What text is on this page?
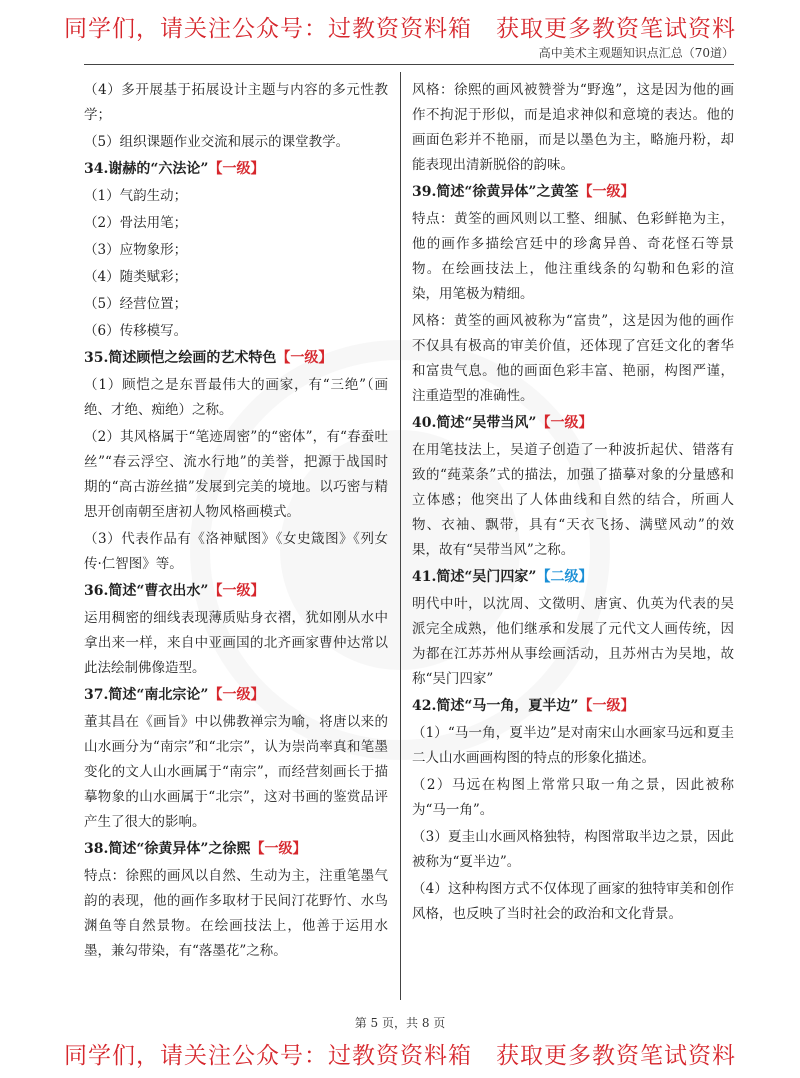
同学们，请关注公众号：过教资资料箱　获取更多教资笔试资料
高中美术主观题知识点汇总（70道）

（4）多开展基于拓展设计主题与内容的多元性教学；

（5）组织课题作业交流和展示的课堂教学。

34.谢赫的“六法论”【一级】

（1）气韵生动；

（2）骨法用笔；

（3）应物象形；

（4）随类赋彩；

（5）经营位置；

（6）传移模写。

35.简述顾恺之绘画的艺术特色【一级】

（1）顾恺之是东晋最伟大的画家，有“三绝”（画绝、才绝、痴绝）之称。

（2）其风格属于“笔迹周密”的“密体”，有“春蚕吐丝”“春云浮空、流水行地”的美誉，把源于战国时期的“高古游丝描”发展到完美的境地。以巧密与精思开创南朝至唐初人物风格画模式。

（3）代表作品有《洛神赋图》《女史箴图》《列女传·仁智图》等。

36.简述“曹衣出水”【一级】

运用稠密的细线表现薄质贴身衣褶，犹如刚从水中拿出来一样，来自中亚画国的北齐画家曹仲达常以此法绘制佛像造型。

37.简述“南北宗论”【一级】

董其昌在《画旨》中以佛教禅宗为喻，将唐以来的山水画分为“南宗”和“北宗”，认为崇尚率真和笔墨变化的文人山水画属于“南宗”，而经营刻画长于描摹物象的山水画属于“北宗”，这对书画的鉴赏品评产生了很大的影响。

38.简述“徐黄异体”之徐熙【一级】

特点：徐熙的画风以自然、生动为主，注重笔墨气韵的表现，他的画作多取材于民间汀花野竹、水鸟渊鱼等自然景物。在绘画技法上，他善于运用水墨，兼勾带染，有“落墨花”之称。

风格：徐熙的画风被赞誉为“野逸”，这是因为他的画作不拘泥于形似，而是追求神似和意境的表达。他的画面色彩并不艳丽，而是以墨色为主，略施丹粉，却能表现出清新脱俗的韵味。

39.简述“徐黄异体”之黄筌【一级】

特点：黄筌的画风则以工整、细腻、色彩鲜艳为主，他的画作多描绘宫廷中的珍禽异兽、奇花怪石等景物。在绘画技法上，他注重线条的勾勒和色彩的渲染，用笔极为精细。

风格：黄筌的画风被称为“富贵”，这是因为他的画作不仅具有极高的审美价值，还体现了宫廷文化的奢华和富贵气息。他的画面色彩丰富、艳丽，构图严谨，注重造型的准确性。

40.简述“吴带当风”【一级】

在用笔技法上，吴道子创造了一种波折起伏、错落有致的“莼菜条”式的描法，加强了描摹对象的分量感和立体感；他突出了人体曲线和自然的结合，所画人物、衣袖、飘带，具有“天衣飞扬、满壁风动”的效果，故有“吴带当风”之称。

41.简述“吴门四家”【二级】

明代中叶，以沈周、文徵明、唐寅、仇英为代表的吴派完全成熟，他们继承和发展了元代文人画传统，因为都在江苏苏州从事绘画活动，且苏州古为吴地，故称“吴门四家”

42.简述“马一角，夏半边”【一级】

（1）“马一角，夏半边”是对南宋山水画家马远和夏圭二人山水画画构图的特点的形象化描述。

（2）马远在构图上常常只取一角之景，因此被称为“马一角”。

（3）夏圭山水画风格独特，构图常取半边之景，因此被称为“夏半边”。

（4）这种构图方式不仅体现了画家的独特审美和创作风格，也反映了当时社会的政治和文化背景。

第 5 页，共 8 页
同学们，请关注公众号：过教资资料箱　获取更多教资笔试资料
